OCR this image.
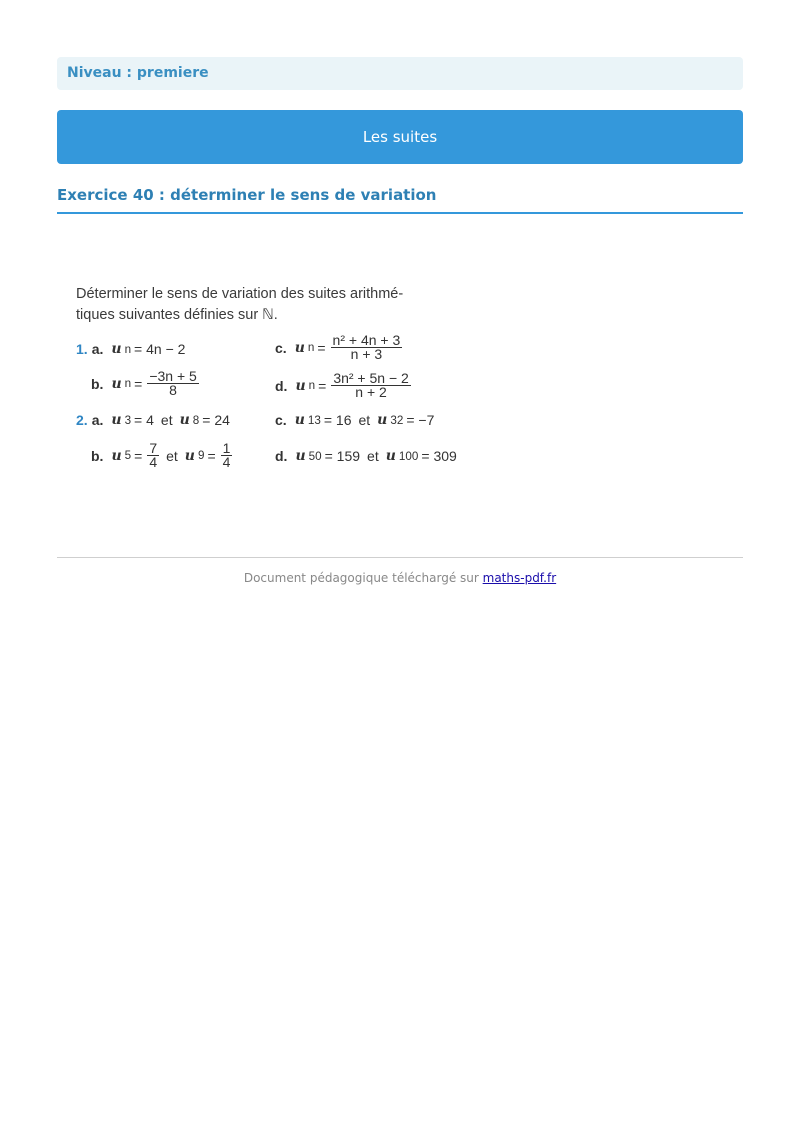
Niveau : premiere
Les suites
Exercice 40 : déterminer le sens de variation
Déterminer le sens de variation des suites arithmé-
tiques suivantes définies sur ℕ.
1. a. u n = 4n − 2
b. u $n = \frac{-3n + 5}{8}$
c. u $n = \frac{\text{n² + 4n + 3}}{n + 3}$
d. u $n = \frac{\text{3n² + 5n − 2}}{n + 2}$
2. a. u 3 = 4 et u 8 = 24
b. u $5 = \frac{7}{4}$ et u $9 = \frac{1}{4}$
c. u 13 = 16 et u 32 = −7
d. u 50 = 159 et u 100 = 309
Document pédagogique téléchargé sur maths-pdf.fr
